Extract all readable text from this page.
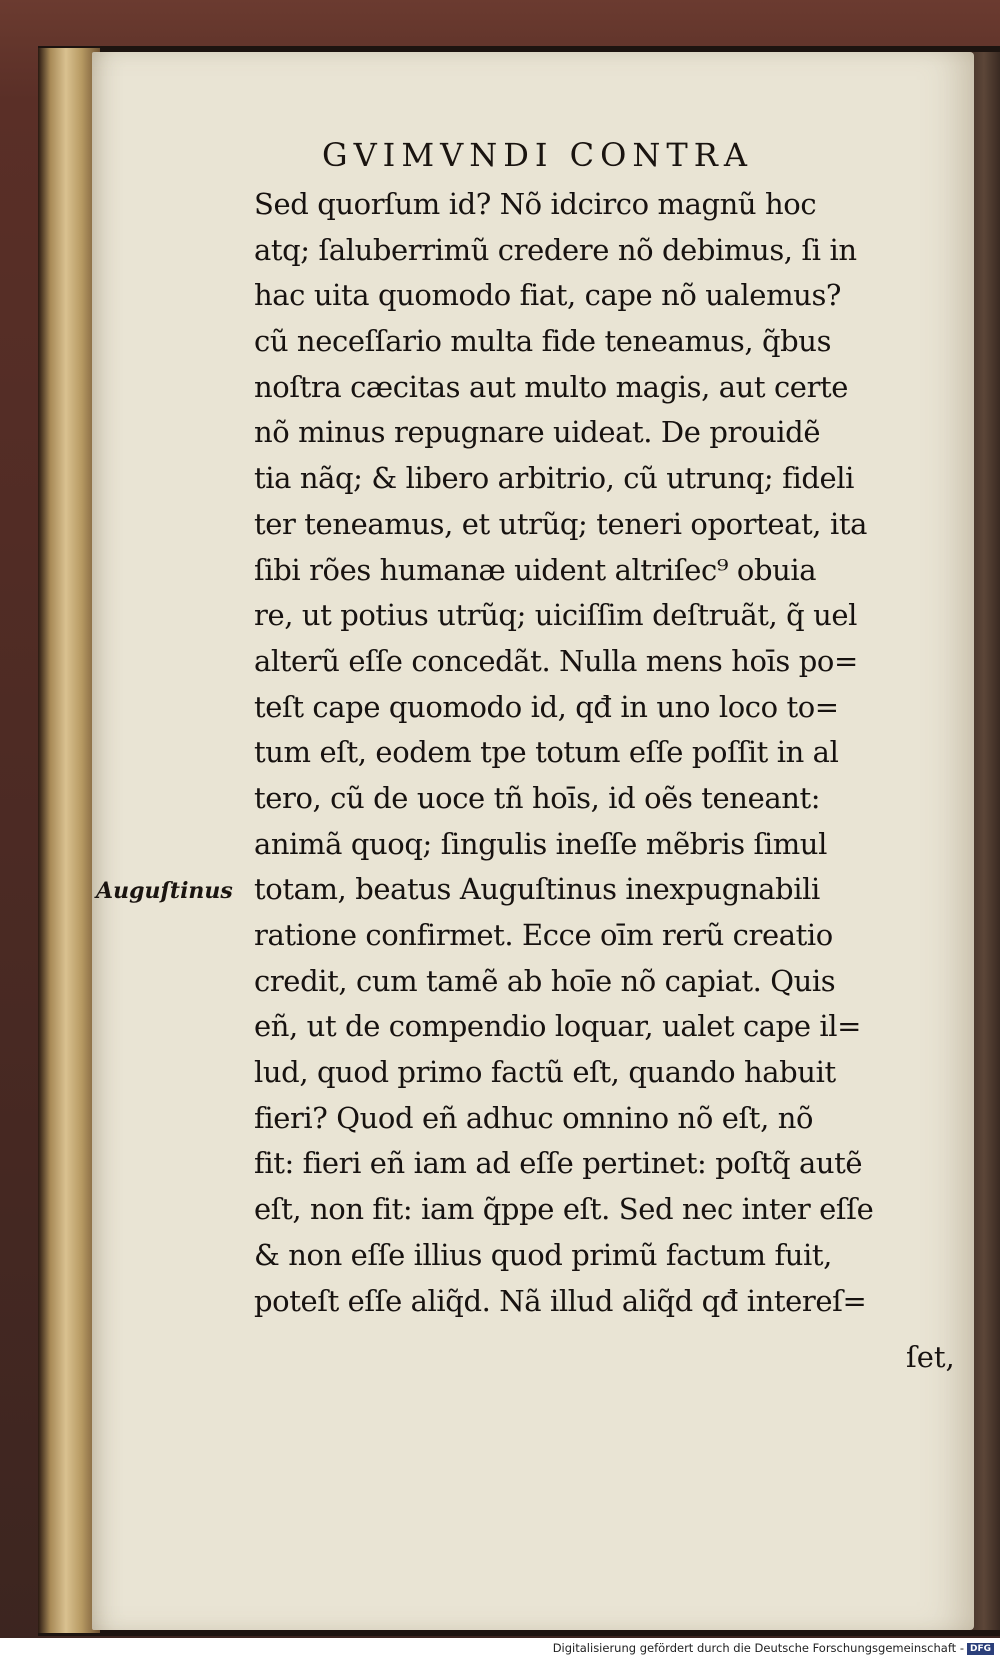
GVIMVNDI CONTRA
Auguſtinus
Sed quorſum id? Nõ idcirco magnũ hoc
atq; ſaluberrimũ credere nõ debimus, ſi in
hac uita quomodo fiat, cape nõ ualemus?
cũ neceſſario multa fide teneamus, q̃bus
noſtra cæcitas aut multo magis, aut certe
nõ minus repugnare uideat. De prouidẽ
tia nãq; & libero arbitrio, cũ utrunq; fideli
ter teneamus, et utrũq; teneri oporteat, ita
ſibi rões humanæ uident altriſec⁹ obuia
re, ut potius utrũq; uiciſſim deſtruãt, q̃ uel
alterũ eſſe concedãt. Nulla mens hoīs po=
teſt cape quomodo id, qđ in uno loco to=
tum eſt, eodem tpe totum eſſe poſſit in al
tero, cũ de uoce tñ hoīs, id oẽs teneant:
animã quoq; ſingulis ineſſe mẽbris ſimul
totam, beatus Auguſtinus inexpugnabili
ratione confirmet. Ecce oīm rerũ creatio
credit, cum tamẽ ab hoīe nõ capiat. Quis
eñ, ut de compendio loquar, ualet cape il=
lud, quod primo factũ eſt, quando habuit
fieri? Quod eñ adhuc omnino nõ eſt, nõ
fit: fieri eñ iam ad eſſe pertinet: poſtq̃ autẽ
eſt, non fit: iam q̃ppe eſt. Sed nec inter eſſe
& non eſſe illius quod primũ factum fuit,
poteſt eſſe aliq̃d. Nã illud aliq̃d qđ intereſ=
ſet,
Digitalisierung gefördert durch die Deutsche Forschungsgemeinschaft - DFG
